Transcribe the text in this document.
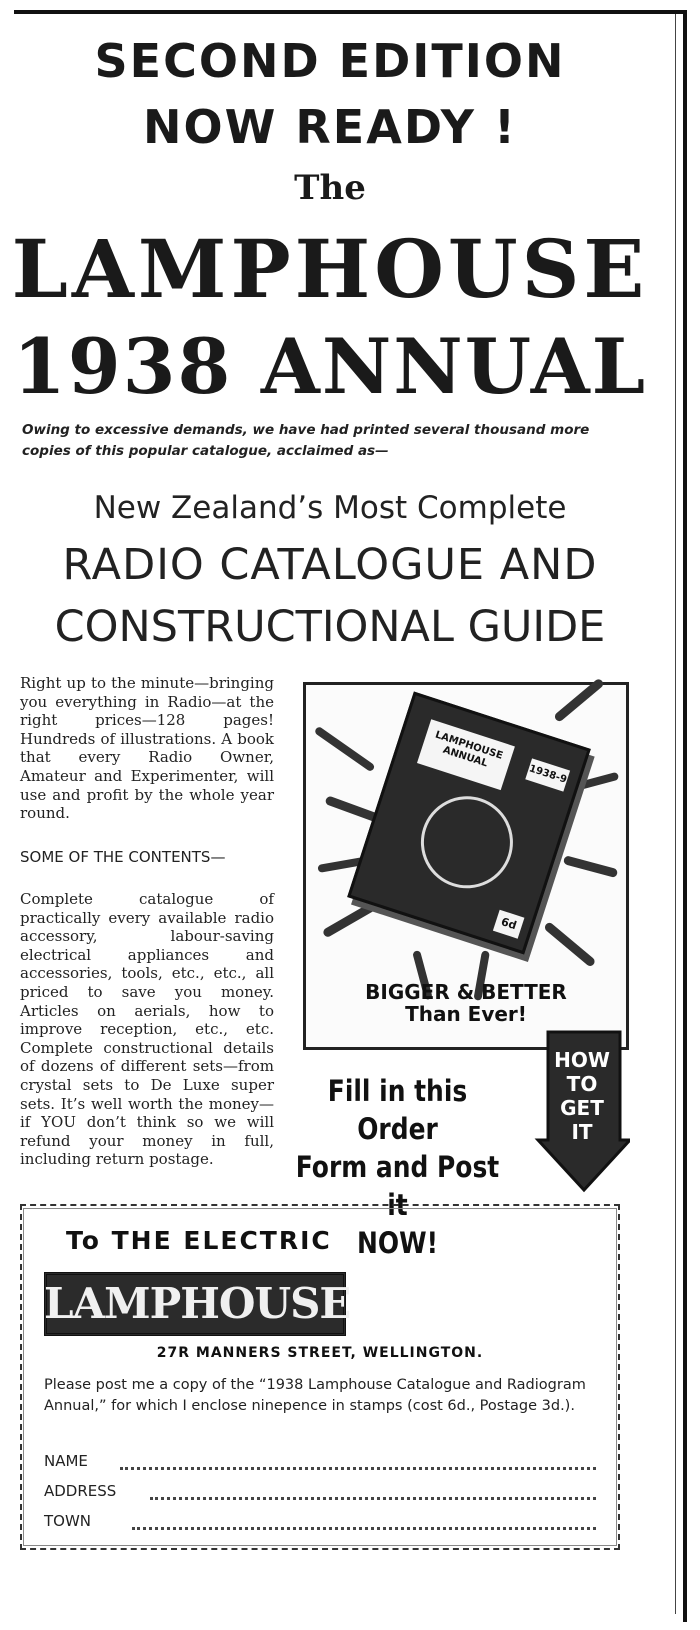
SECOND EDITION
NOW READY !
The
LAMPHOUSE
1938 ANNUAL
Owing to excessive demands, we have had printed several thousand more copies of this popular catalogue, acclaimed as—
New Zealand’s Most Complete
RADIO CATALOGUE AND
CONSTRUCTIONAL GUIDE
Right up to the minute—bringing you everything in Radio—at the right prices—128 pages! Hundreds of illustrations. A book that every Radio Owner, Amateur and Experimenter, will use and profit by the whole year round.
SOME OF THE CONTENTS—
Complete catalogue of practically every available radio accessory, labour-saving electrical appliances and accessories, tools, etc., etc., all priced to save you money. Articles on aerials, how to improve reception, etc., etc. Complete constructional details of dozens of different sets—from crystal sets to De Luxe super sets. It’s well worth the money—if YOU don’t think so we will refund your money in full, including return postage.
LAMPHOUSE ANNUAL
1938-9
6d
BIGGER & BETTER
Than Ever!
Fill in this Order
Form and Post it
NOW!
HOW
TO
GET
IT
To THE ELECTRIC
LAMPHOUSE
27R MANNERS STREET, WELLINGTON.
Please post me a copy of the “1938 Lamphouse Catalogue and Radiogram Annual,” for which I enclose ninepence in stamps (cost 6d., Postage 3d.).
NAME
ADDRESS
TOWN
